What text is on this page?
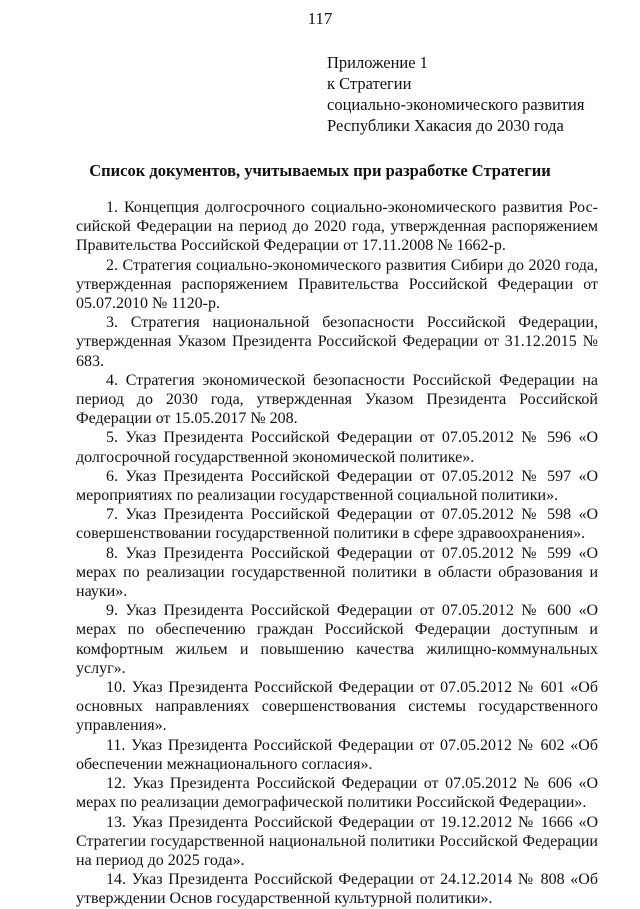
117
Приложение 1
к Стратегии
социально-экономического развития
Республики Хакасия до 2030 года
Список документов, учитываемых при разработке Стратегии
1. Концепция долгосрочного социально-экономического развития Российской Федерации на период до 2020 года, утвержденная распоряжением Правительства Российской Федерации от 17.11.2008 № 1662-р.
2. Стратегия социально-экономического развития Сибири до 2020 года, утвержденная распоряжением Правительства Российской Федерации от 05.07.2010 № 1120-р.
3. Стратегия национальной безопасности Российской Федерации, утвержденная Указом Президента Российской Федерации от 31.12.2015 № 683.
4. Стратегия экономической безопасности Российской Федерации на период до 2030 года, утвержденная Указом Президента Российской Федерации от 15.05.2017 № 208.
5. Указ Президента Российской Федерации от 07.05.2012 № 596 «О долгосрочной государственной экономической политике».
6. Указ Президента Российской Федерации от 07.05.2012 № 597 «О мероприятиях по реализации государственной социальной политики».
7. Указ Президента Российской Федерации от 07.05.2012 № 598 «О совершенствовании государственной политики в сфере здравоохранения».
8. Указ Президента Российской Федерации от 07.05.2012 № 599 «О мерах по реализации государственной политики в области образования и науки».
9. Указ Президента Российской Федерации от 07.05.2012 № 600 «О мерах по обеспечению граждан Российской Федерации доступным и комфортным жильем и повышению качества жилищно-коммунальных услуг».
10. Указ Президента Российской Федерации от 07.05.2012 № 601 «Об основных направлениях совершенствования системы государственного управления».
11. Указ Президента Российской Федерации от 07.05.2012 № 602 «Об обеспечении межнационального согласия».
12. Указ Президента Российской Федерации от 07.05.2012 № 606 «О мерах по реализации демографической политики Российской Федерации».
13. Указ Президента Российской Федерации от 19.12.2012 № 1666 «О Стратегии государственной национальной политики Российской Федерации на период до 2025 года».
14. Указ Президента Российской Федерации от 24.12.2014 № 808 «Об утверждении Основ государственной культурной политики».
